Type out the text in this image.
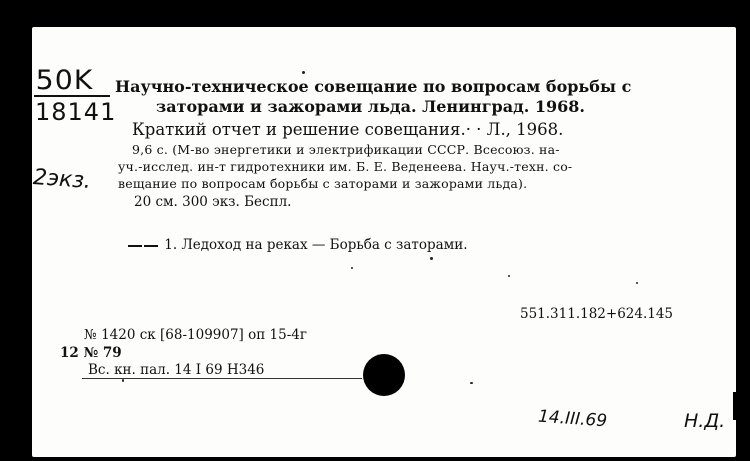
50K
18141
2экз.
Научно-техническое совещание по вопросам борьбы с
заторами и зажорами льда. Ленинград. 1968.
Краткий отчет и решение совещания.· · Л., 1968.
9,6 с. (М-во энергетики и электрификации СССР. Всесоюз. на-
уч.-исслед. ин-т гидротехники им. Б. Е. Веденеева. Науч.-техн. со-
вещание по вопросам борьбы с заторами и зажорами льда).
20 см. 300 экз. Беспл.
1. Ледоход на реках — Борьба с заторами.
551.311.182+624.145
№ 1420 ск [68-109907] оп 15-4г
12 № 79
Вс. кн. пал. 14 I 69 Н346
14.III.69	Н.Д.
